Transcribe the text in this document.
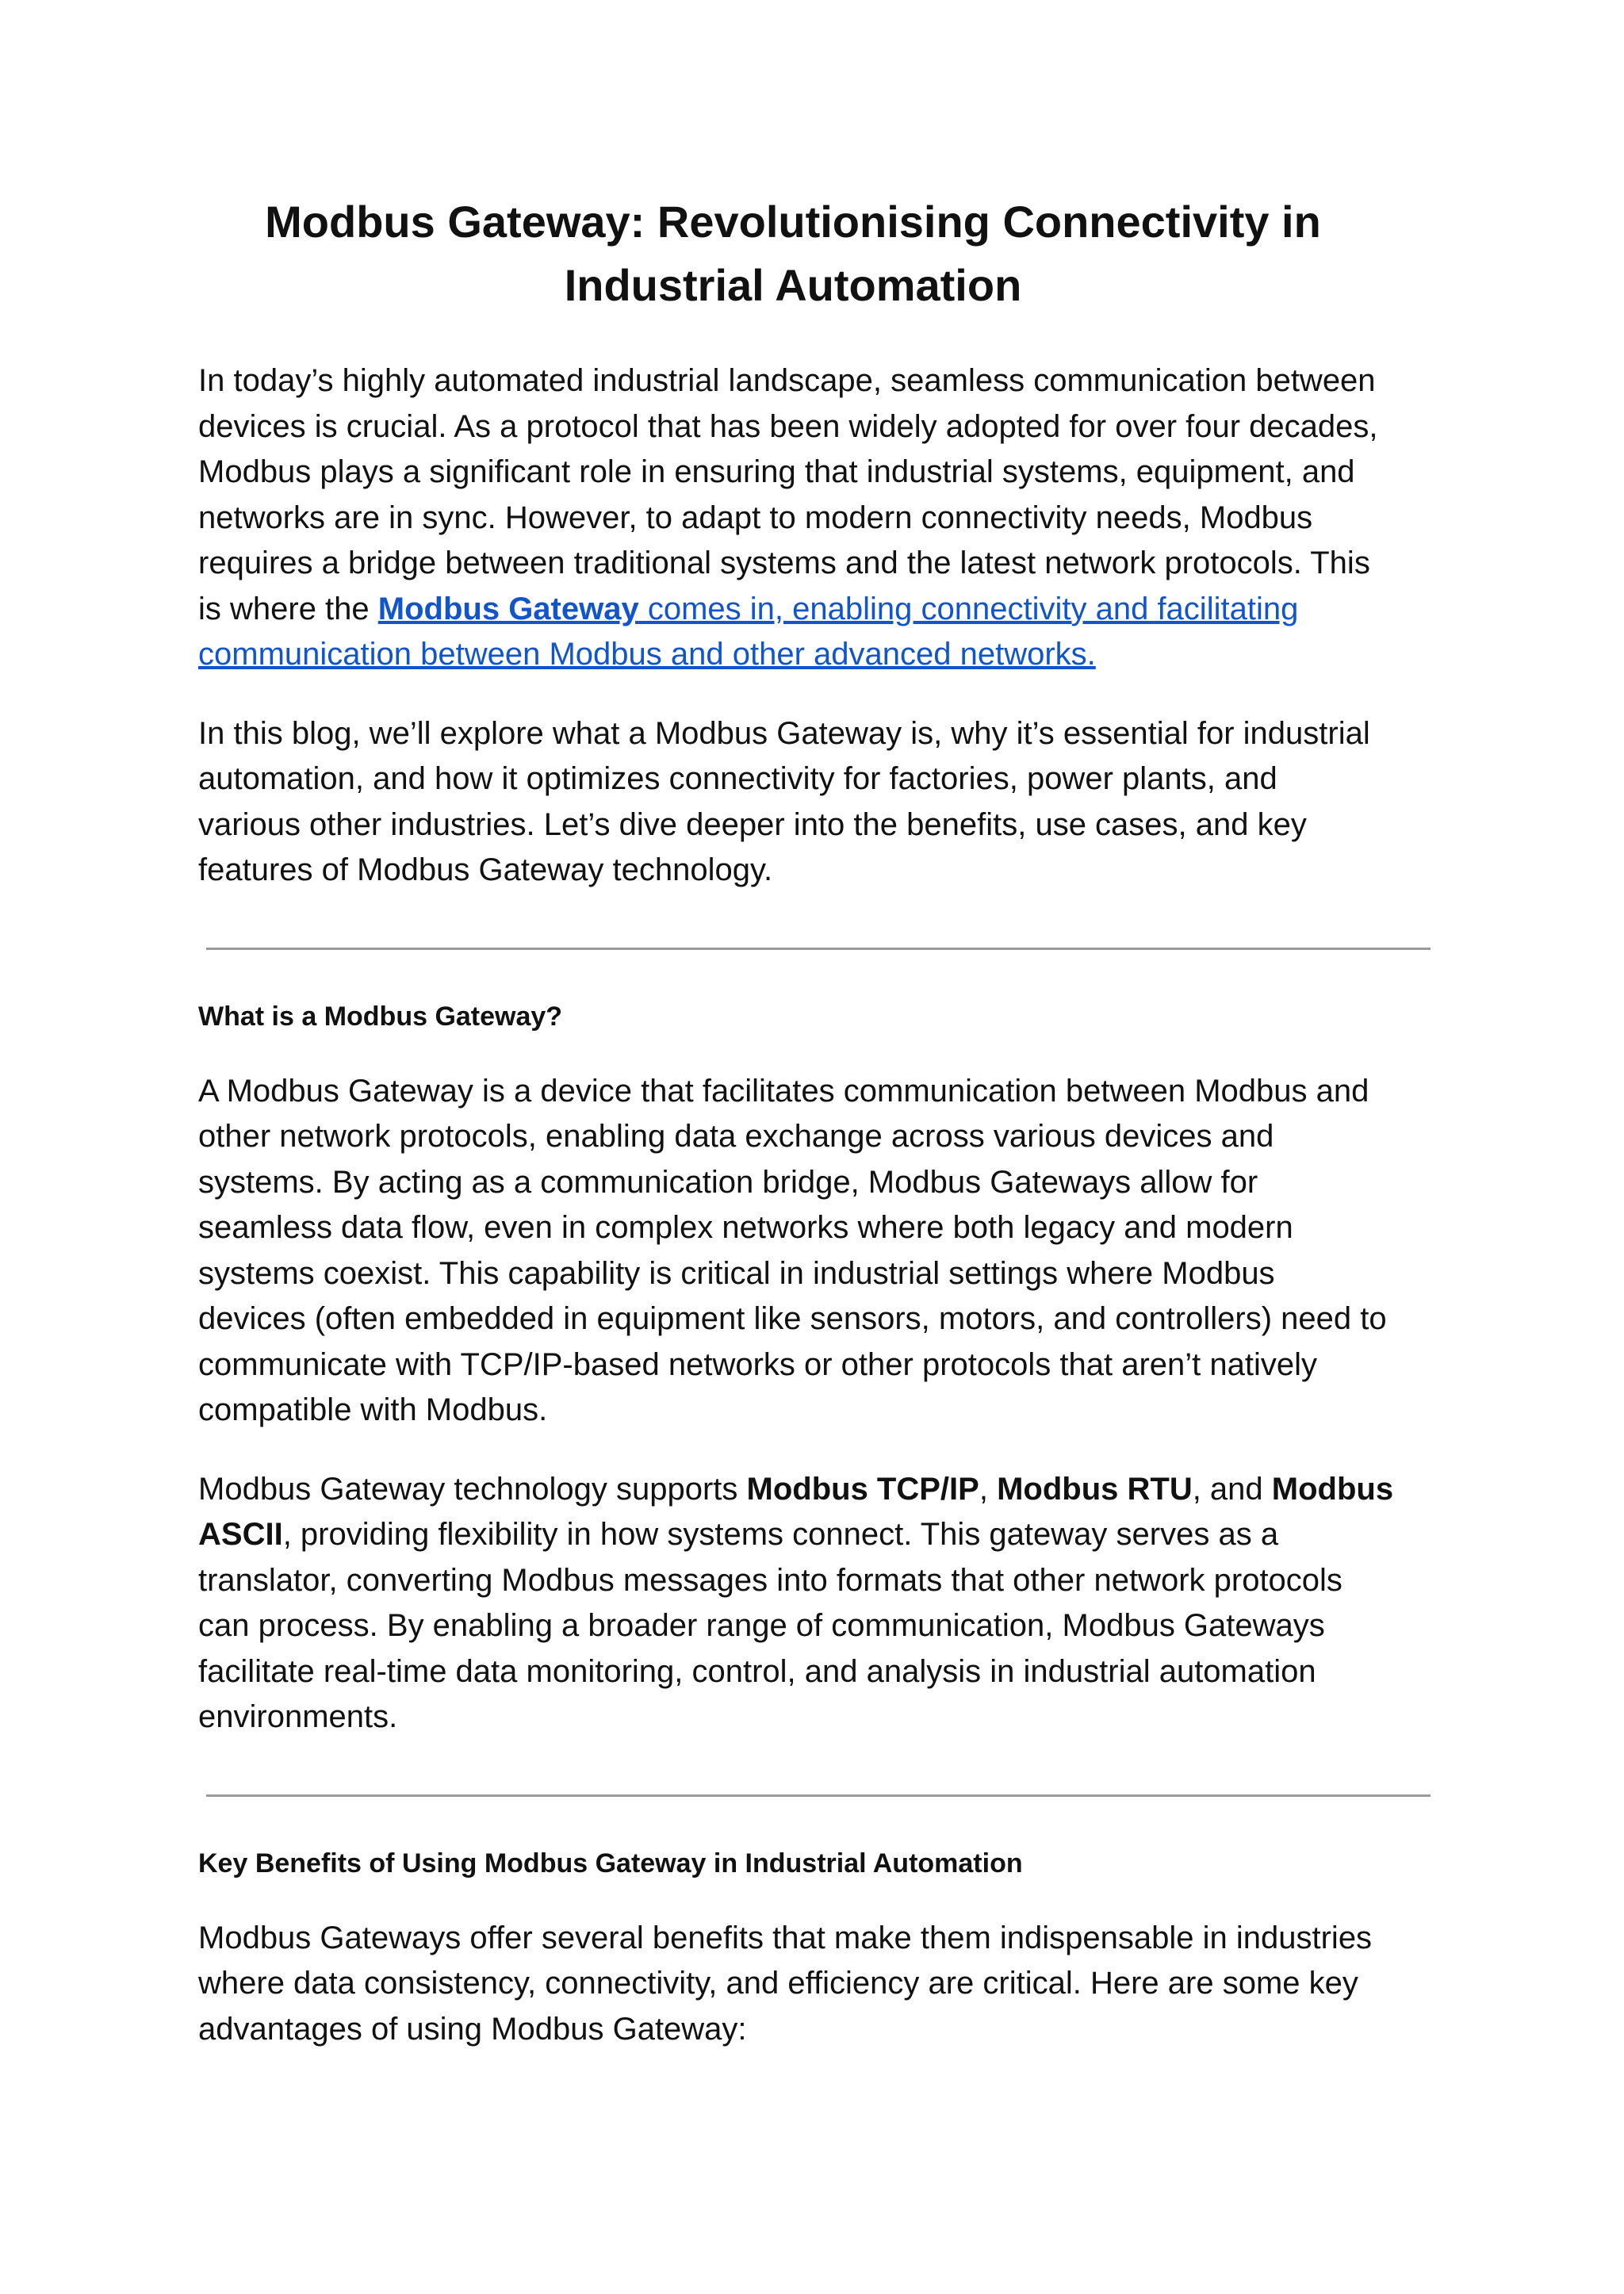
Modbus Gateway: Revolutionising Connectivity in
Industrial Automation

In today’s highly automated industrial landscape, seamless communication between
devices is crucial. As a protocol that has been widely adopted for over four decades,
Modbus plays a significant role in ensuring that industrial systems, equipment, and
networks are in sync. However, to adapt to modern connectivity needs, Modbus
requires a bridge between traditional systems and the latest network protocols. This
is where the Modbus Gateway comes in, enabling connectivity and facilitating
communication between Modbus and other advanced networks.

In this blog, we’ll explore what a Modbus Gateway is, why it’s essential for industrial
automation, and how it optimizes connectivity for factories, power plants, and
various other industries. Let’s dive deeper into the benefits, use cases, and key
features of Modbus Gateway technology.

What is a Modbus Gateway?

A Modbus Gateway is a device that facilitates communication between Modbus and
other network protocols, enabling data exchange across various devices and
systems. By acting as a communication bridge, Modbus Gateways allow for
seamless data flow, even in complex networks where both legacy and modern
systems coexist. This capability is critical in industrial settings where Modbus
devices (often embedded in equipment like sensors, motors, and controllers) need to
communicate with TCP/IP-based networks or other protocols that aren’t natively
compatible with Modbus.

Modbus Gateway technology supports Modbus TCP/IP, Modbus RTU, and Modbus
ASCII, providing flexibility in how systems connect. This gateway serves as a
translator, converting Modbus messages into formats that other network protocols
can process. By enabling a broader range of communication, Modbus Gateways
facilitate real-time data monitoring, control, and analysis in industrial automation
environments.

Key Benefits of Using Modbus Gateway in Industrial Automation

Modbus Gateways offer several benefits that make them indispensable in industries
where data consistency, connectivity, and efficiency are critical. Here are some key
advantages of using Modbus Gateway:
